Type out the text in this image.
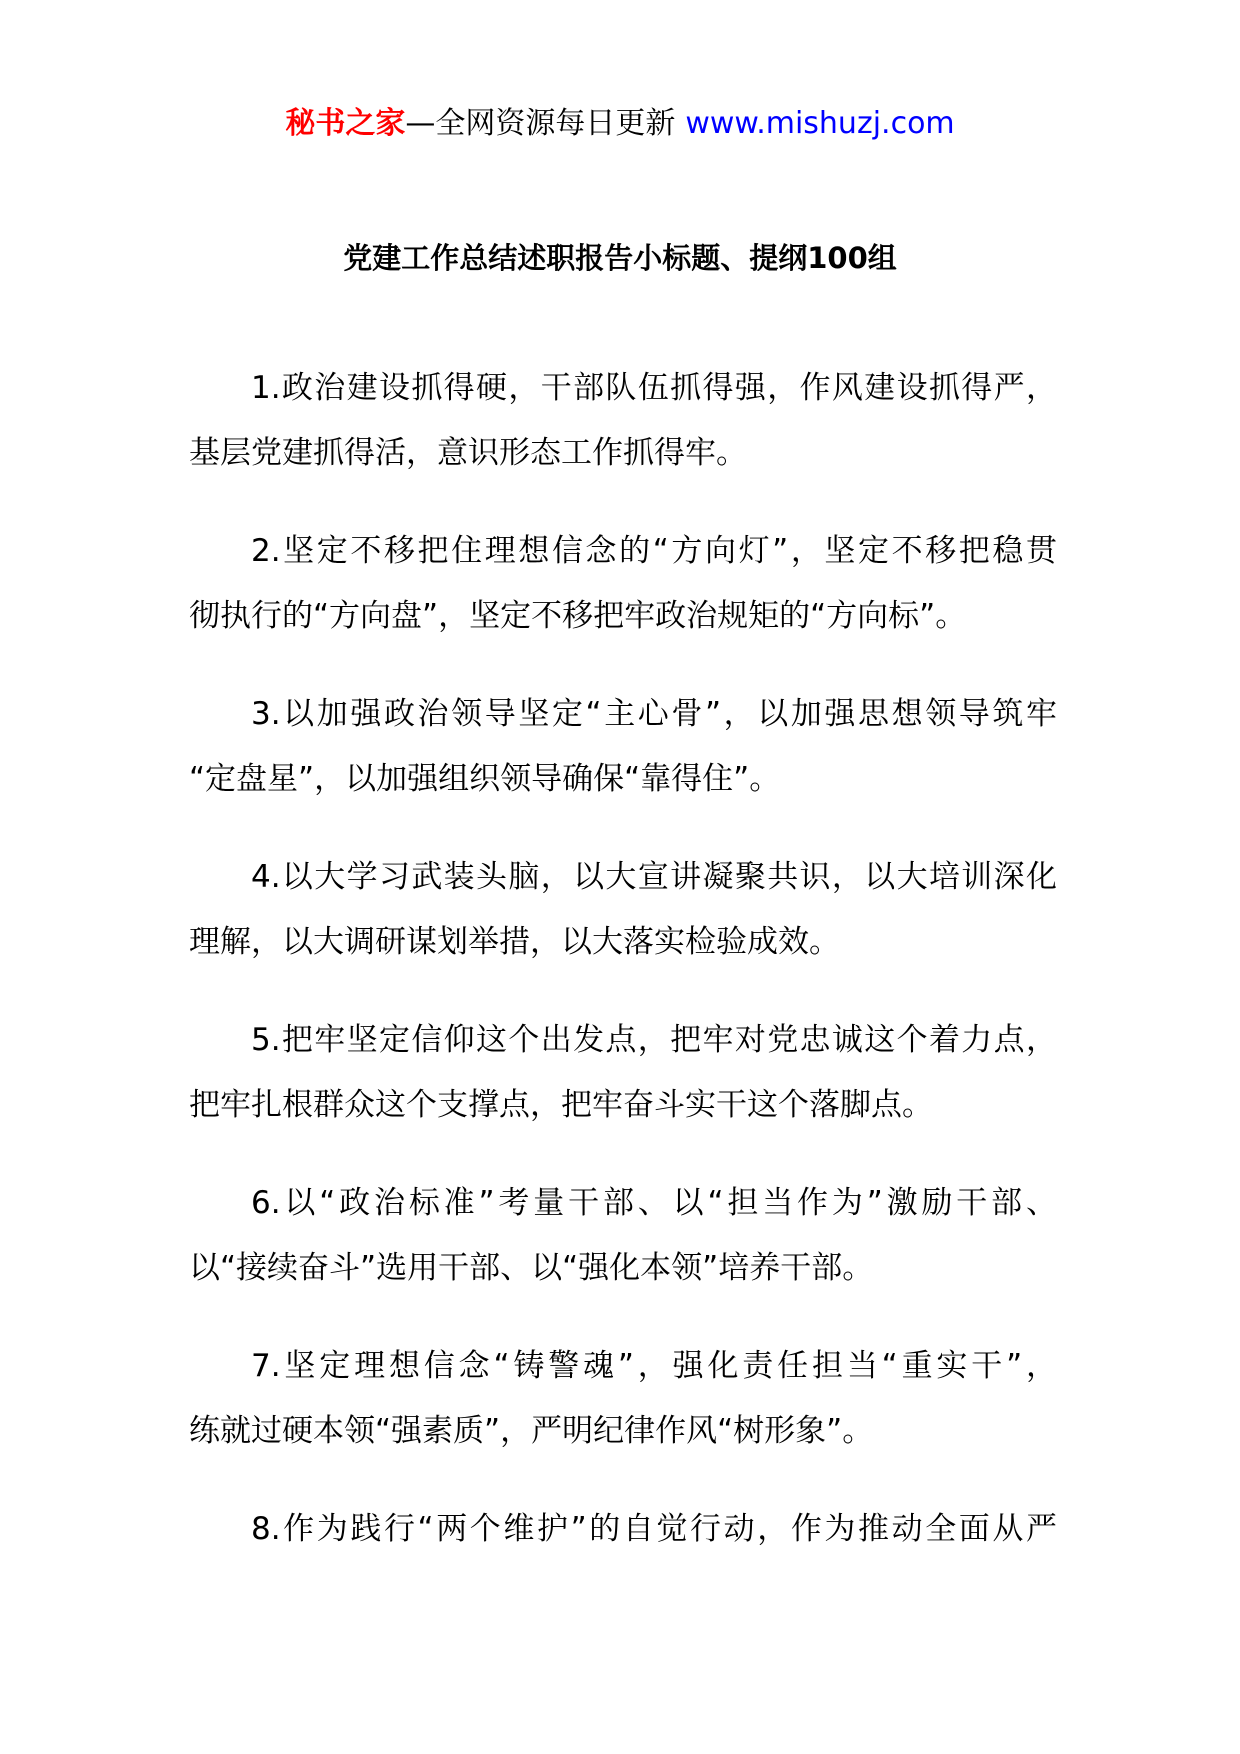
秘书之家—全网资源每日更新 www.mishuzj.com
党建工作总结述职报告小标题、提纲100组
1.政治建设抓得硬，干部队伍抓得强，作风建设抓得严，
基层党建抓得活，意识形态工作抓得牢。
2.坚定不移把住理想信念的“方向灯”，坚定不移把稳贯
彻执行的“方向盘”，坚定不移把牢政治规矩的“方向标”。
3.以加强政治领导坚定“主心骨”，以加强思想领导筑牢
“定盘星”，以加强组织领导确保“靠得住”。
4.以大学习武装头脑，以大宣讲凝聚共识，以大培训深化
理解，以大调研谋划举措，以大落实检验成效。
5.把牢坚定信仰这个出发点，把牢对党忠诚这个着力点，
把牢扎根群众这个支撑点，把牢奋斗实干这个落脚点。
6.以“政治标准”考量干部、以“担当作为”激励干部、
以“接续奋斗”选用干部、以“强化本领”培养干部。
7.坚定理想信念“铸警魂”，强化责任担当“重实干”，
练就过硬本领“强素质”，严明纪律作风“树形象”。
8.作为践行“两个维护”的自觉行动，作为推动全面从严
